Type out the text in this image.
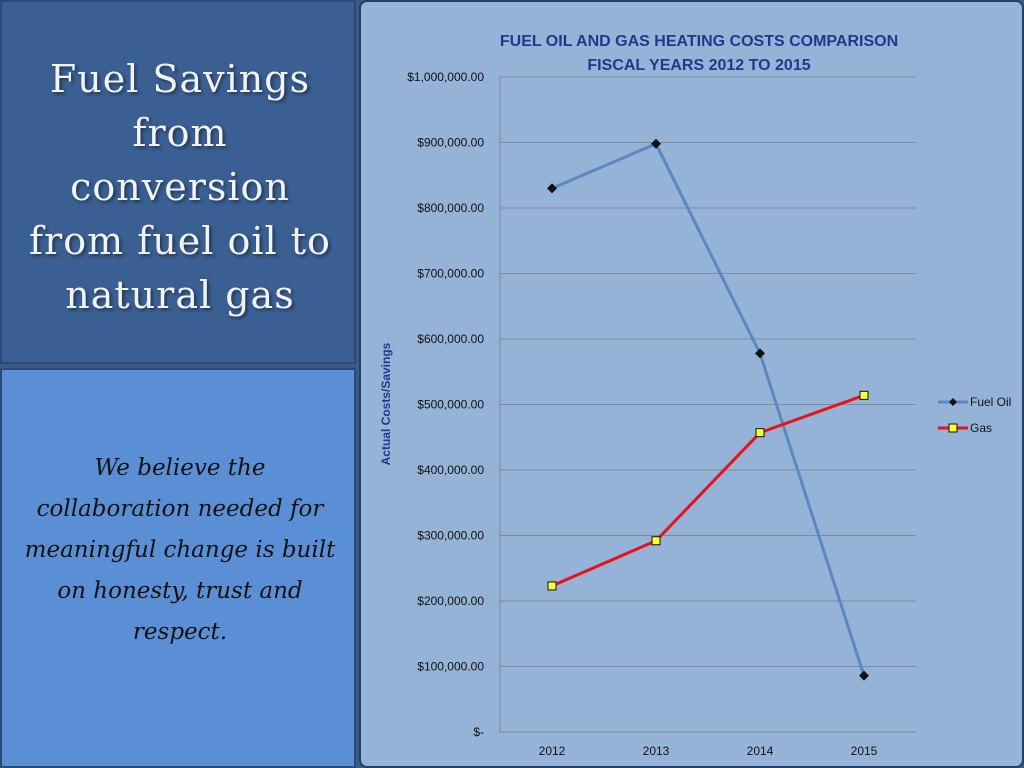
Fuel Savings
from
conversion
from fuel oil to
natural gas
We believe the
collaboration needed for
meaningful change is built
on honesty, trust and
respect.
FUEL OIL AND GAS HEATING COSTS COMPARISON
FISCAL YEARS 2012 TO 2015
$-
$100,000.00
$200,000.00
$300,000.00
$400,000.00
$500,000.00
$600,000.00
$700,000.00
$800,000.00
$900,000.00
$1,000,000.00
2012	2013	2014	2015
Actual Costs/Savings	Fuel Oil
Gas
